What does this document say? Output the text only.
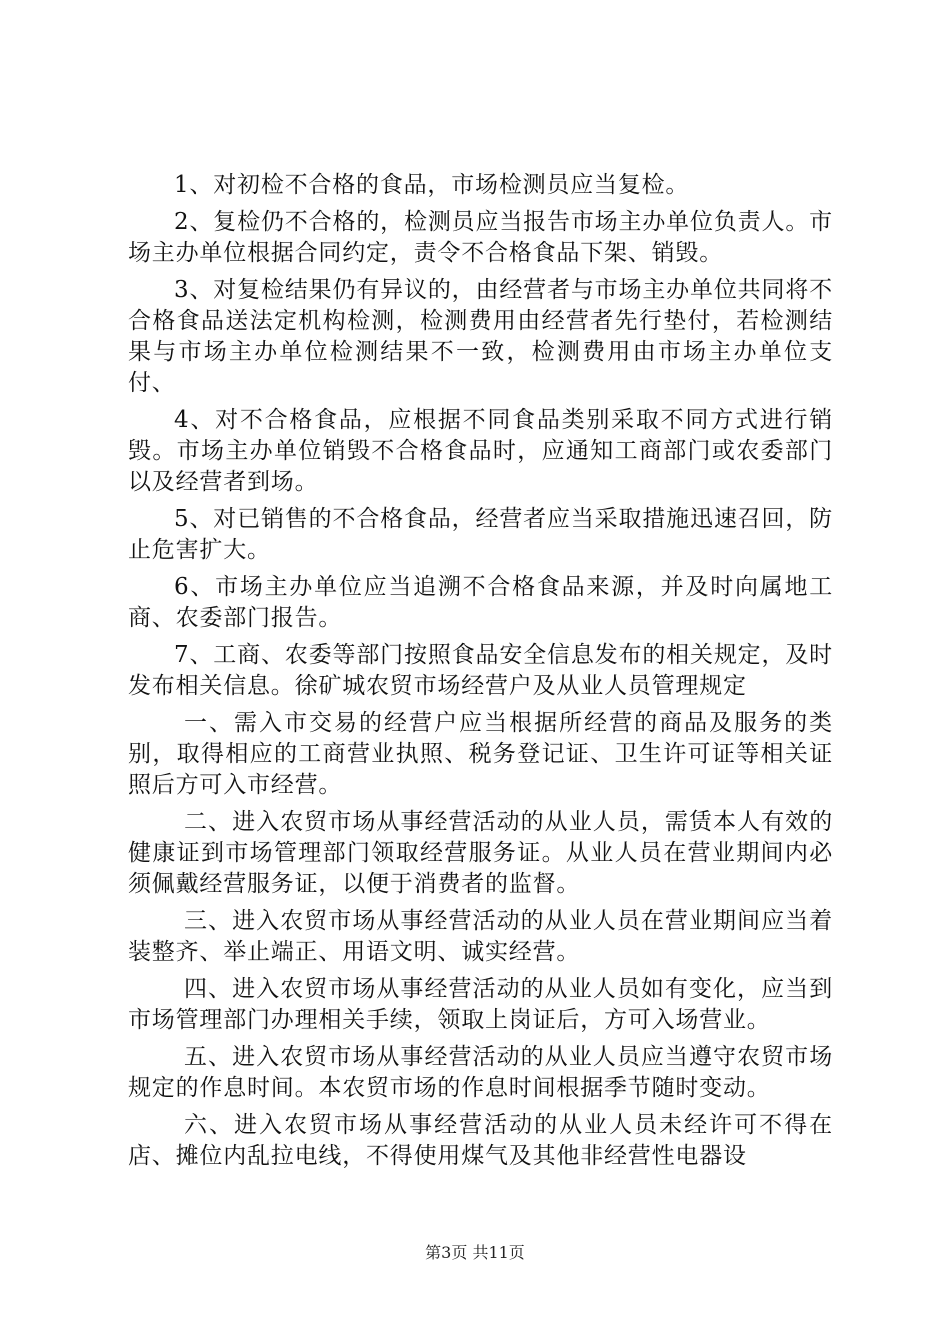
1、对初检不合格的食品，市场检测员应当复检。

2、复检仍不合格的，检测员应当报告市场主办单位负责人。市场主办单位根据合同约定，责令不合格食品下架、销毁。

3、对复检结果仍有异议的，由经营者与市场主办单位共同将不合格食品送法定机构检测，检测费用由经营者先行垫付，若检测结果与市场主办单位检测结果不一致，检测费用由市场主办单位支付、

4、对不合格食品，应根据不同食品类别采取不同方式进行销毁。市场主办单位销毁不合格食品时，应通知工商部门或农委部门以及经营者到场。

5、对已销售的不合格食品，经营者应当采取措施迅速召回，防止危害扩大。

6、市场主办单位应当追溯不合格食品来源，并及时向属地工商、农委部门报告。

7、工商、农委等部门按照食品安全信息发布的相关规定，及时发布相关信息。徐矿城农贸市场经营户及从业人员管理规定

一、需入市交易的经营户应当根据所经营的商品及服务的类别，取得相应的工商营业执照、税务登记证、卫生许可证等相关证照后方可入市经营。

二、进入农贸市场从事经营活动的从业人员，需赁本人有效的健康证到市场管理部门领取经营服务证。从业人员在营业期间内必须佩戴经营服务证，以便于消费者的监督。

三、进入农贸市场从事经营活动的从业人员在营业期间应当着装整齐、举止端正、用语文明、诚实经营。

四、进入农贸市场从事经营活动的从业人员如有变化，应当到市场管理部门办理相关手续，领取上岗证后，方可入场营业。

五、进入农贸市场从事经营活动的从业人员应当遵守农贸市场规定的作息时间。本农贸市场的作息时间根据季节随时变动。

六、进入农贸市场从事经营活动的从业人员未经许可不得在店、摊位内乱拉电线，不得使用煤气及其他非经营性电器设

第3页 共11页
